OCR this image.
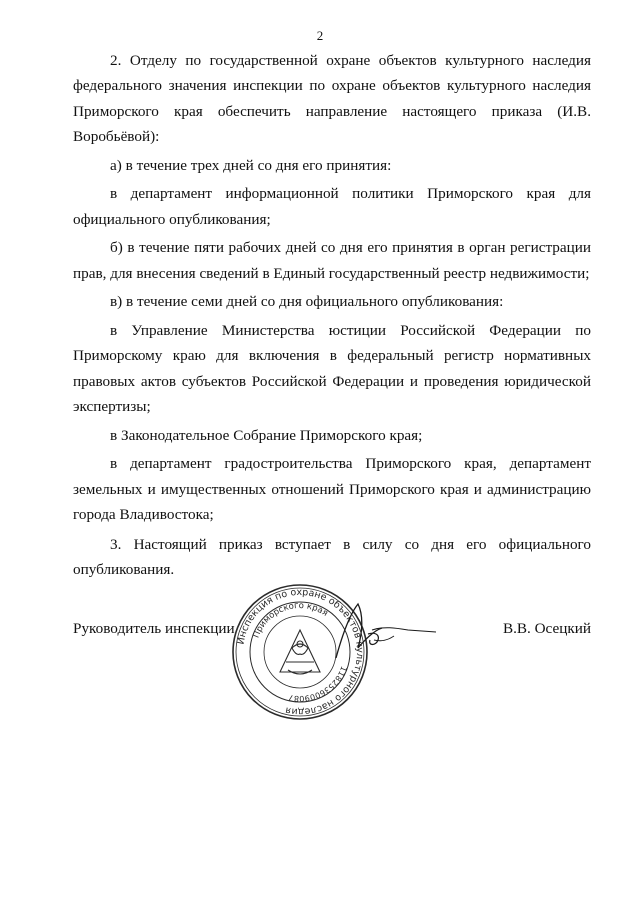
2

2. Отделу по государственной охране объектов культурного наследия федерального значения инспекции по охране объектов культурного наследия Приморского края обеспечить направление настоящего приказа (И.В. Воробьёвой):

а) в течение трех дней со дня его принятия:

в департамент информационной политики Приморского края для официального опубликования;

б) в течение пяти рабочих дней со дня его принятия в орган регистрации прав, для внесения сведений в Единый государственный реестр недвижимости;

в) в течение семи дней со дня официального опубликования:

в Управление Министерства юстиции Российской Федерации по Приморскому краю для включения в федеральный регистр нормативных правовых актов субъектов Российской Федерации и проведения юридической экспертизы;

в Законодательное Собрание Приморского края;

в департамент градостроительства Приморского края, департамент земельных и имущественных отношений Приморского края и администрацию города Владивостока;

3. Настоящий приказ вступает в силу со дня его официального опубликования.

Руководитель инспекции	В.В. Осецкий
Инспекция по охране объектов культурного наследия
Приморского края
1182536009087
